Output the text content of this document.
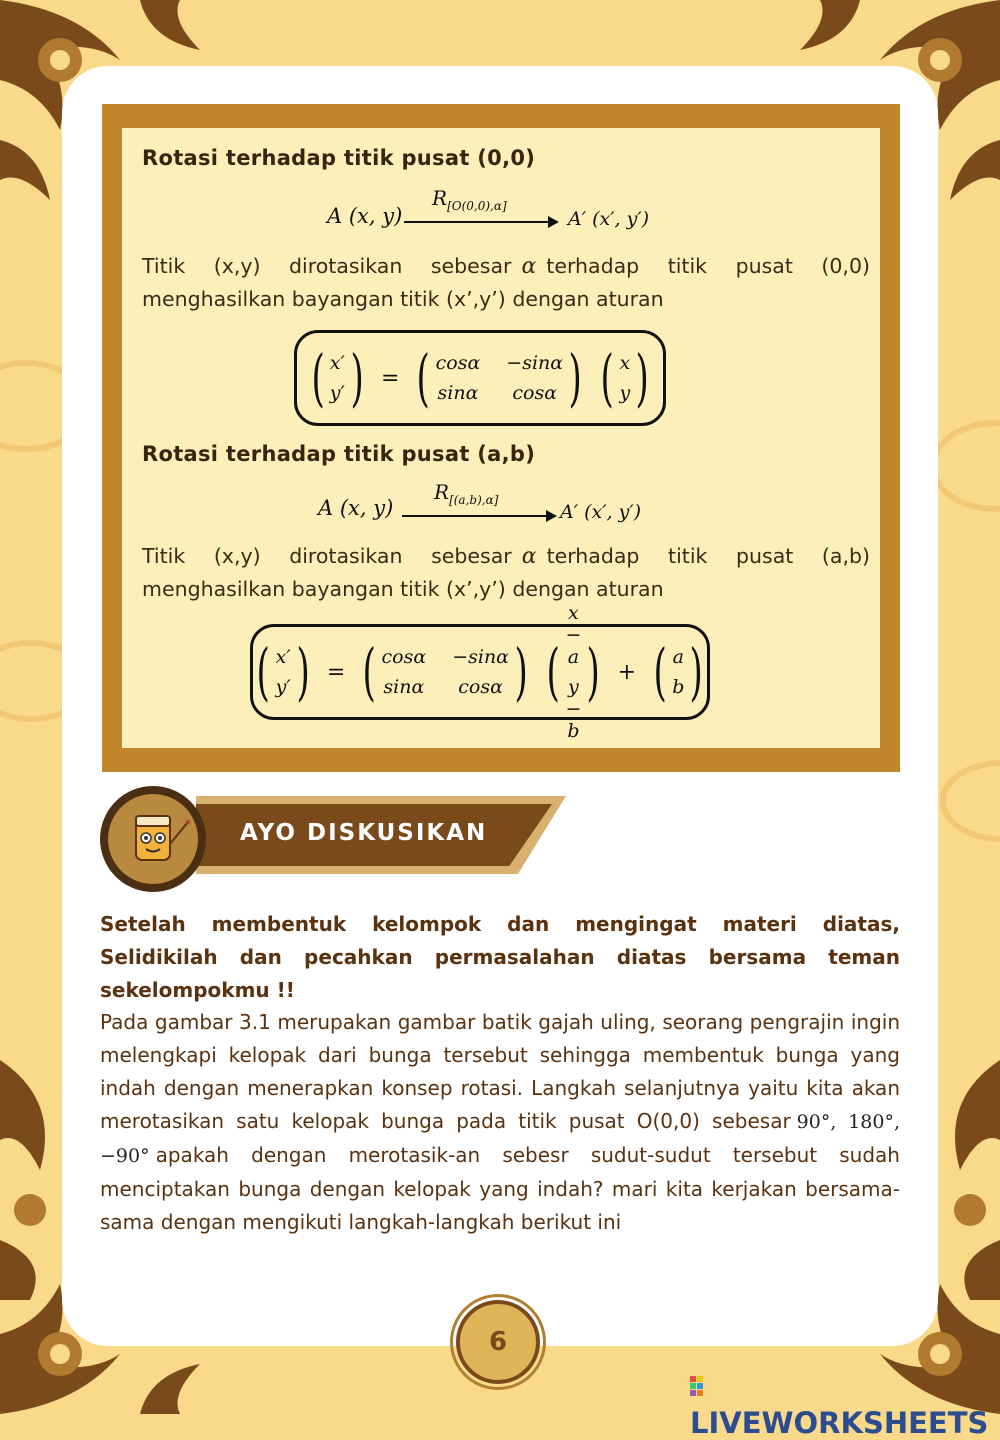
Rotasi terhadap titik pusat (0,0)
A (x, y)
$R_{[O(0,0),\alpha]}$
A′ (x′, y′)
Titik (x,y) dirotasikan sebesar α terhadap titik pusat (0,0) menghasilkan bayangan titik (x’,y’) dengan aturan
( x′
y′ ) = ( cosα −sinα
sinα	cosα ) ( x
y )
Rotasi terhadap titik pusat (a,b)
A (x, y)
$R_{[(a,b),\alpha]}$
A′ (x′, y′)
Titik (x,y) dirotasikan sebesar α terhadap titik pusat (a,b) menghasilkan bayangan titik (x’,y’) dengan aturan
( x′
y′ ) = ( cosα −sinα
sinα	cosα ) (
x − a
y − b
) + ( a
b )
AYO DISKUSIKAN
Setelah membentuk kelompok dan mengingat materi diatas, Selidikilah dan pecahkan permasalahan diatas bersama teman sekelompokmu !!
Pada gambar 3.1 merupakan gambar batik gajah uling, seorang pengrajin ingin melengkapi kelopak dari bunga tersebut sehingga membentuk bunga yang indah dengan menerapkan konsep rotasi. Langkah selanjutnya yaitu kita akan merotasikan satu kelopak bunga pada titik pusat O(0,0) sebesar 90°, 180°, −90° apakah dengan merotasik-an sebesr sudut-sudut tersebut sudah menciptakan bunga dengan kelopak yang indah? mari kita kerjakan bersama-sama dengan mengikuti langkah-langkah berikut ini
6
LIVEWORKSHEETS
